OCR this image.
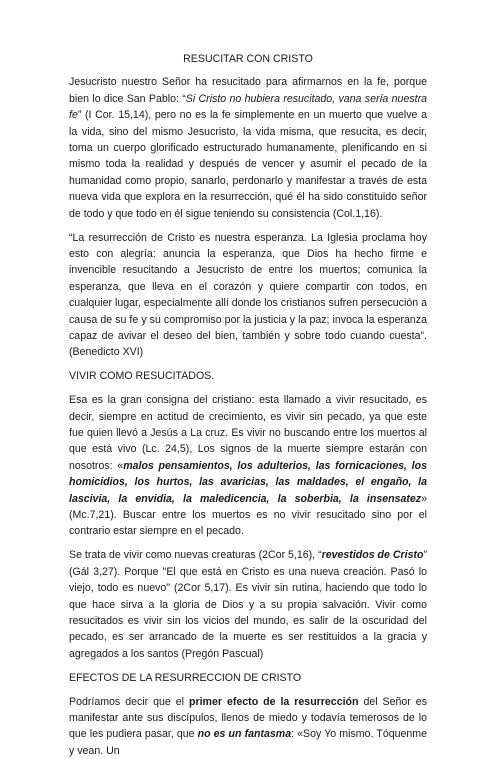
RESUCITAR CON CRISTO

Jesucristo nuestro Señor ha resucitado para afirmarnos en la fe, porque bien lo dice San Pablo: “Si Cristo no hubiera resucitado, vana sería nuestra fe” (I Cor. 15,14), pero no es la fe simplemente en un muerto que vuelve a la vida, sino del mismo Jesucristo, la vida misma, que resucita, es decir, toma un cuerpo glorificado estructurado humanamente, plenificando en si mismo toda la realidad y después de vencer y asumir el pecado de la humanidad como propio, sanarlo, perdonarlo y manifestar a través de esta nueva vida que explora en la resurrección, qué él ha sido constituido señor de todo y que todo en él sigue teniendo su consistencia (Col.1,16).

“La resurrección de Cristo es nuestra esperanza. La Iglesia proclama hoy esto con alegría: anuncia la esperanza, que Dios ha hecho firme e invencible resucitando a Jesucristo de entre los muertos; comunica la esperanza, que lleva en el corazón y quiere compartir con todos, en cualquier lugar, especialmente allí donde los cristianos sufren persecución a causa de su fe y su compromiso por la justicia y la paz; invoca la esperanza capaz de avivar el deseo del bien, también y sobre todo cuando cuesta”. (Benedicto XVI)

VIVIR COMO RESUCITADOS.

Esa es la gran consigna del cristiano: esta llamado a vivir resucitado, es decir, siempre en actitud de crecimiento, es vivir sin pecado, ya que este fue quien llevó a Jesús a La cruz. Es vivir no buscando entre los muertos al que está vivo (Lc. 24,5), Los signos de la muerte siempre estarán con nosotros: «malos pensamientos, los adulterios, las fornicaciones, los homicidios, los hurtos, las avaricias, las maldades, el engaño, la lascivia, la envidia, la maledicencia, la soberbia, la insensatez» (Mc.7,21). Buscar entre los muertos es no vivir resucitado sino por el contrario estar siempre en el pecado.

Se trata de vivir como nuevas creaturas (2Cor 5,16), “revestidos de Cristo” (Gál 3,27). Porque "El que está en Cristo es una nueva creación. Pasó lo viejo, todo es nuevo" (2Cor 5,17). Es vivir sin rutina, haciendo que todo lo que hace sirva a la gloria de Dios y a su propia salvación. Vivir como resucitados es vivir sin los vicios del mundo, es salir de la oscuridad del pecado, es ser arrancado de la muerte es ser restituidos a la gracia y agregados a los santos (Pregón Pascual)

EFECTOS DE LA RESURRECCION DE CRISTO

Podríamos decir que el primer efecto de la resurrección del Señor es manifestar ante sus discípulos, llenos de miedo y todavía temerosos de lo que les pudiera pasar, que no es un fantasma: «Soy Yo mismo. Tóquenme y vean. Un
